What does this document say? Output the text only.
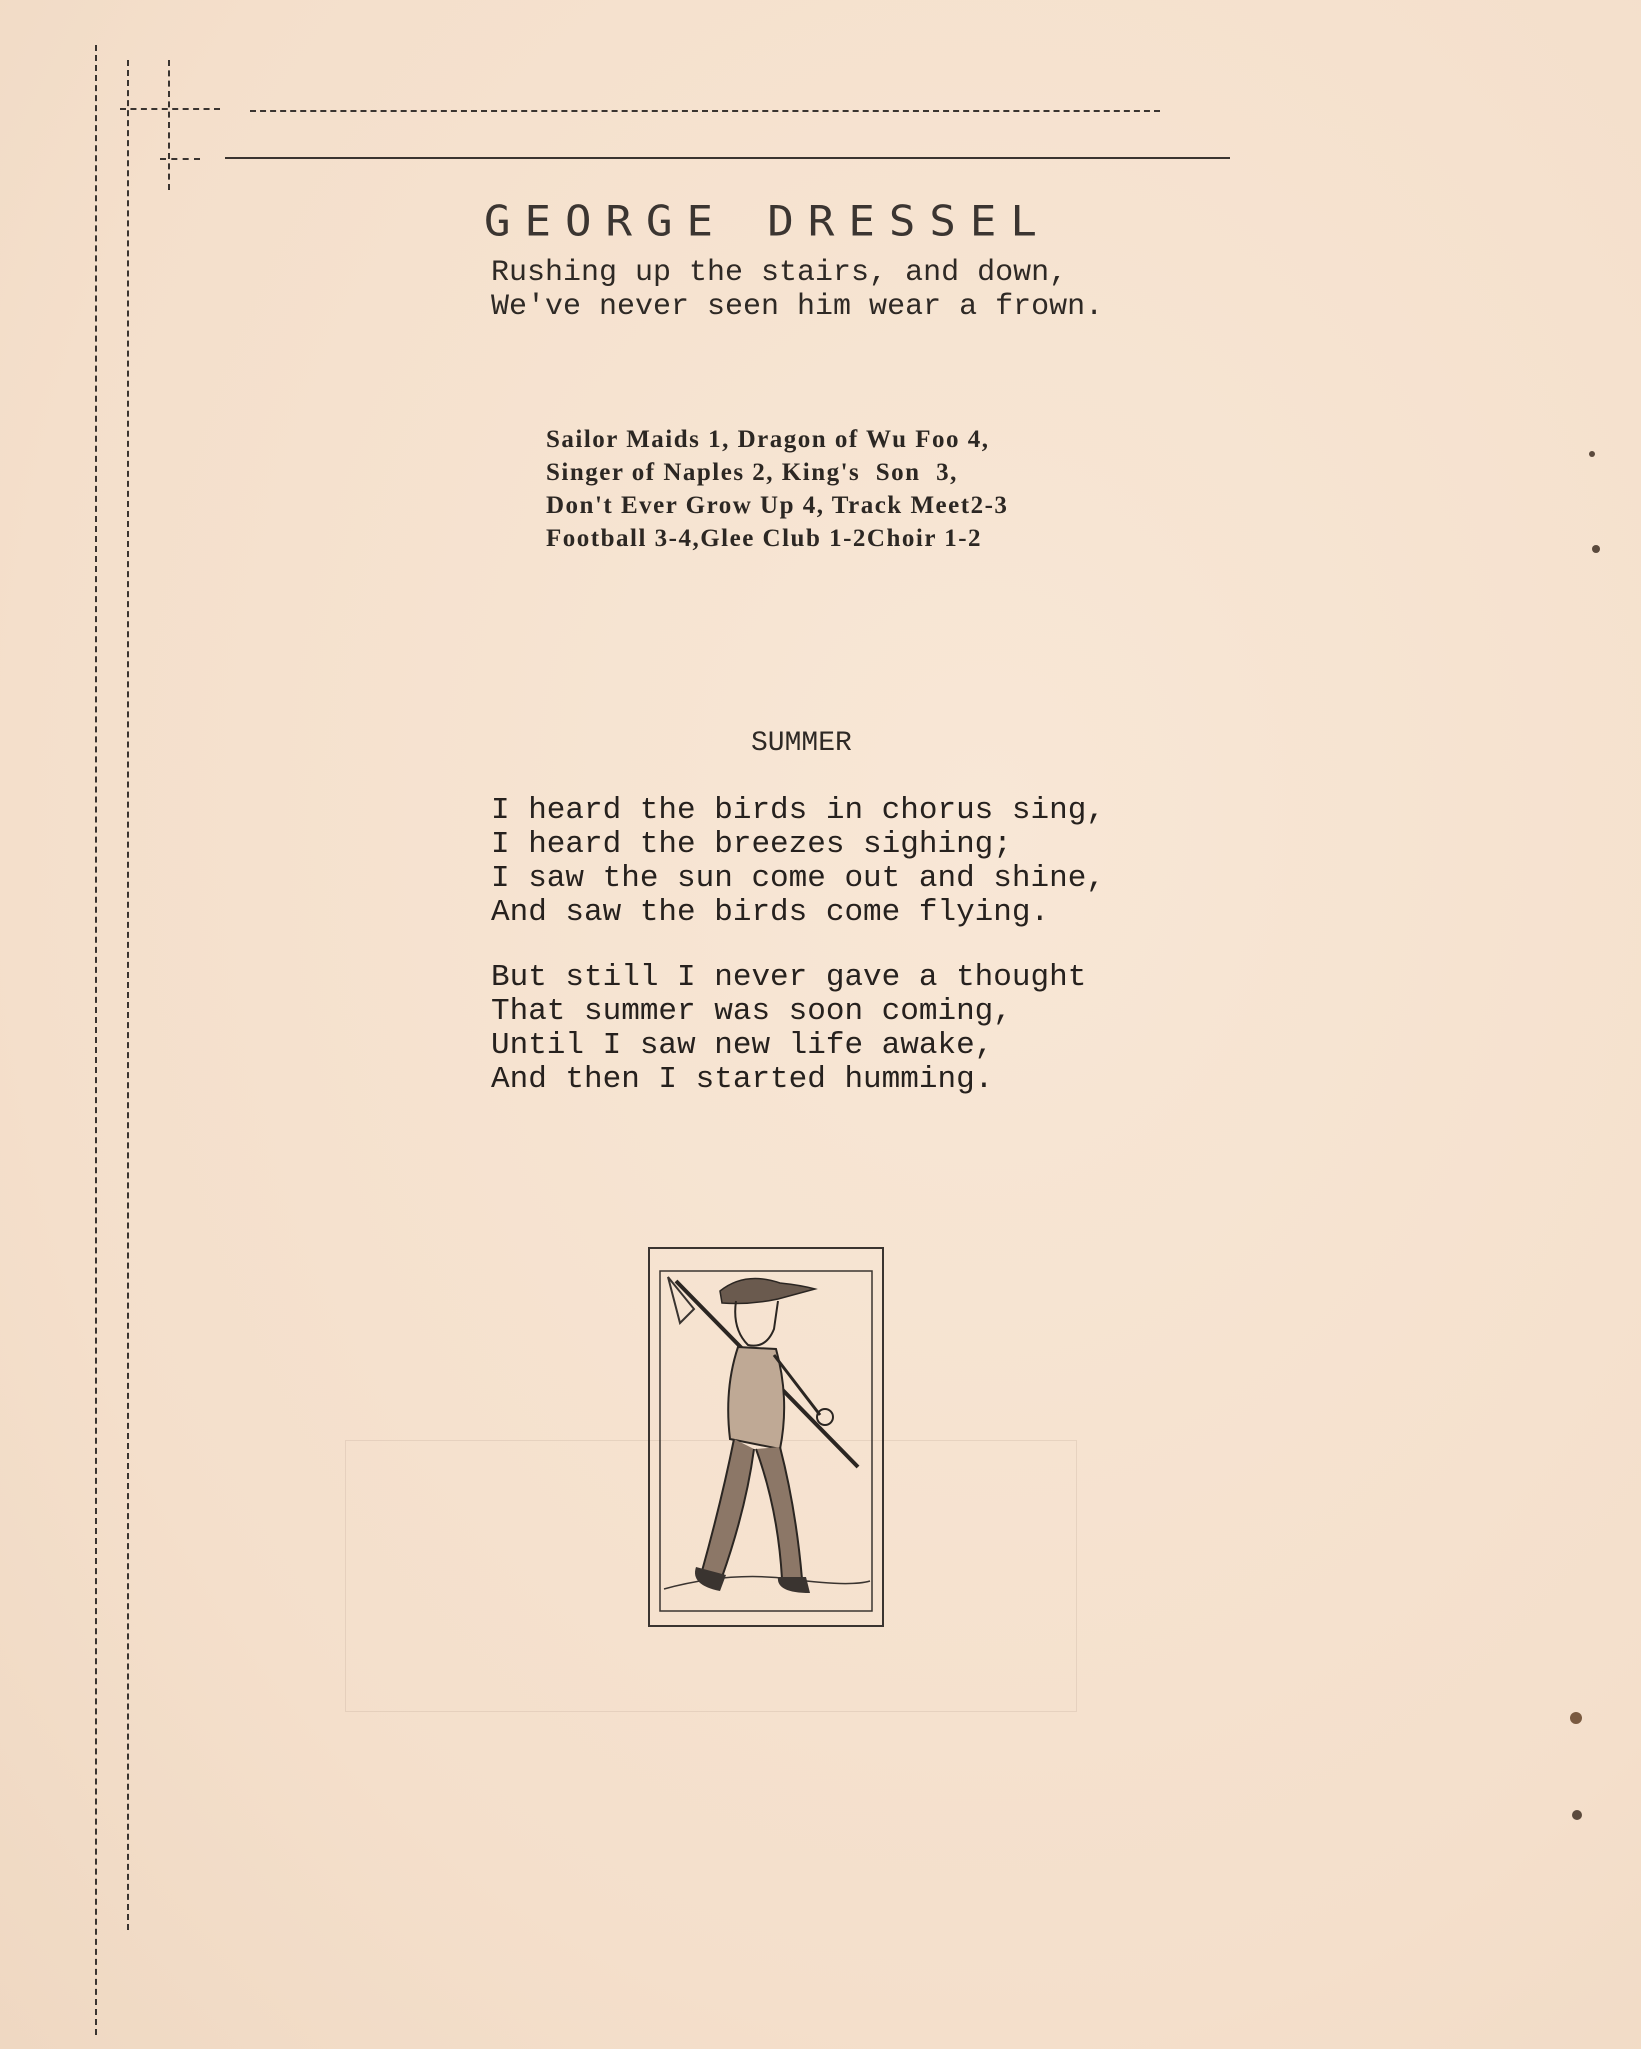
GEORGE DRESSEL
Rushing up the stairs, and down,
We've never seen him wear a frown.
Sailor Maids 1, Dragon of Wu Foo 4,
Singer of Naples 2, King's  Son  3,
Don't Ever Grow Up 4, Track Meet2-3
Football 3-4,Glee Club 1-2Choir 1-2
SUMMER
I heard the birds in chorus sing,
I heard the breezes sighing;
I saw the sun come out and shine,
And saw the birds come flying.
But still I never gave a thought
That summer was soon coming,
Until I saw new life awake,
And then I started humming.
